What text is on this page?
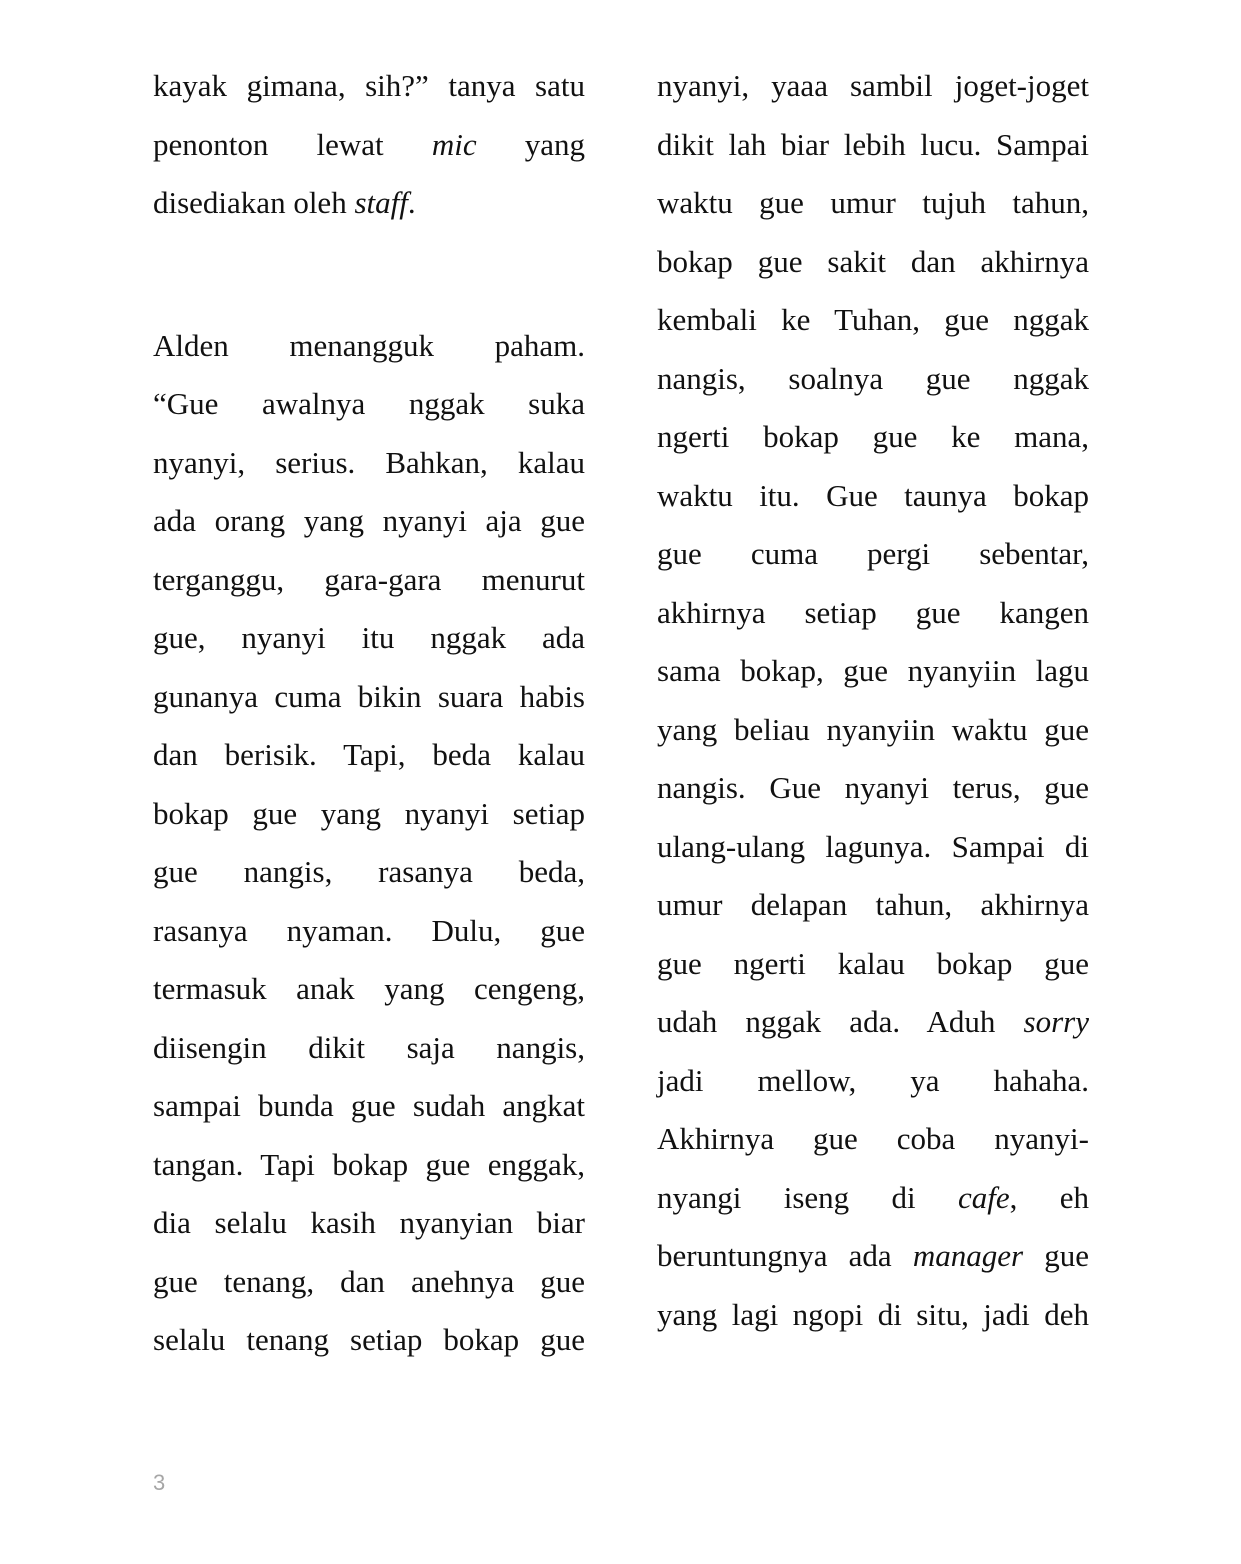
kayak gimana, sih?” tanya satu
penonton lewat mic yang
disediakan oleh staff.
Alden menangguk paham.
“Gue awalnya nggak suka
nyanyi, serius. Bahkan, kalau
ada orang yang nyanyi aja gue
terganggu, gara-gara menurut
gue, nyanyi itu nggak ada
gunanya cuma bikin suara habis
dan berisik. Tapi, beda kalau
bokap gue yang nyanyi setiap
gue nangis, rasanya beda,
rasanya nyaman. Dulu, gue
termasuk anak yang cengeng,
diisengin dikit saja nangis,
sampai bunda gue sudah angkat
tangan. Tapi bokap gue enggak,
dia selalu kasih nyanyian biar
gue tenang, dan anehnya gue
selalu tenang setiap bokap gue
nyanyi, yaaa sambil joget-joget
dikit lah biar lebih lucu. Sampai
waktu gue umur tujuh tahun,
bokap gue sakit dan akhirnya
kembali ke Tuhan, gue nggak
nangis, soalnya gue nggak
ngerti bokap gue ke mana,
waktu itu. Gue taunya bokap
gue cuma pergi sebentar,
akhirnya setiap gue kangen
sama bokap, gue nyanyiin lagu
yang beliau nyanyiin waktu gue
nangis. Gue nyanyi terus, gue
ulang-ulang lagunya. Sampai di
umur delapan tahun, akhirnya
gue ngerti kalau bokap gue
udah nggak ada. Aduh sorry
jadi mellow, ya hahaha.
Akhirnya gue coba nyanyi-
nyangi iseng di cafe, eh
beruntungnya ada manager gue
yang lagi ngopi di situ, jadi deh
3
